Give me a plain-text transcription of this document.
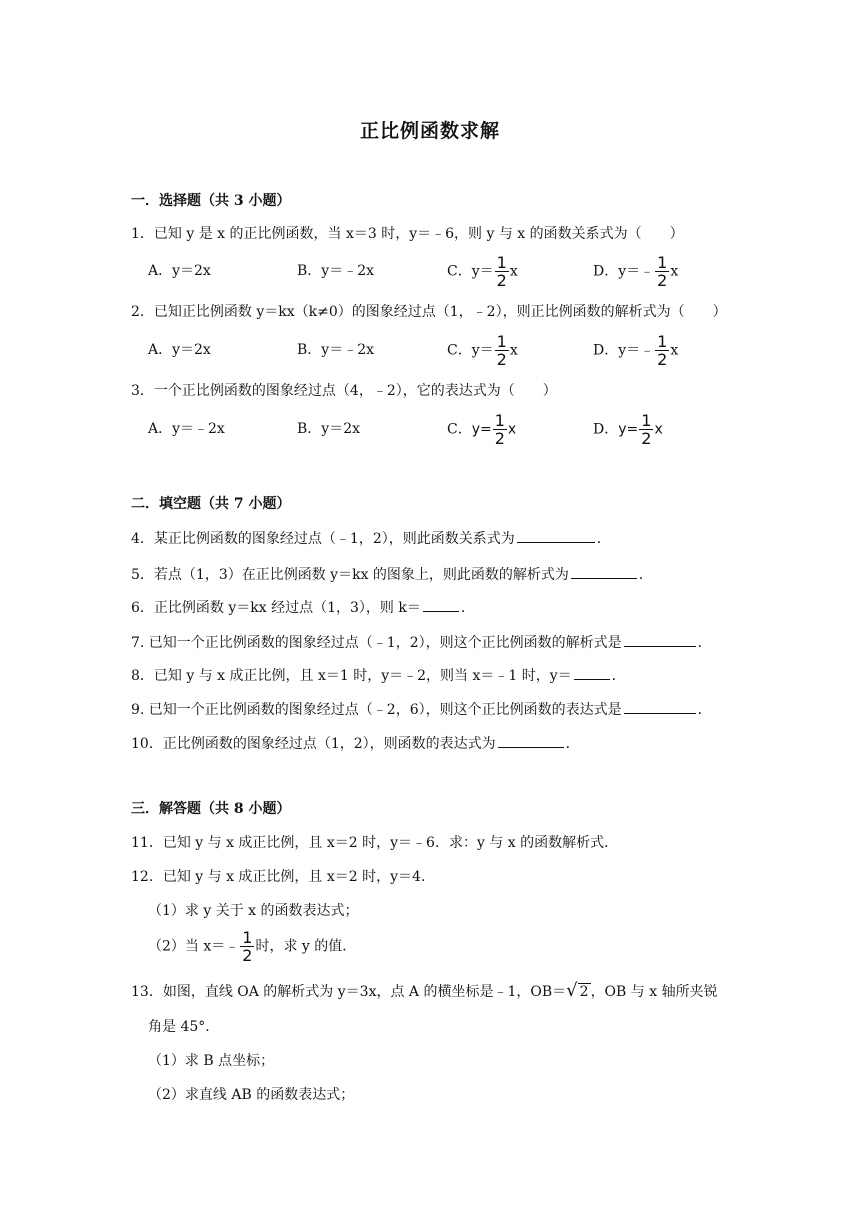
正比例函数求解
一．选择题（共 3 小题）
1．已知 y 是 x 的正比例函数，当 x＝3 时，y＝﹣6，则 y 与 x 的函数关系式为（　　）
A．y＝2x	B．y＝﹣2x	C．$y= \frac{1}{2}$ x	D．y＝﹣ $\frac{1}{2}$ x
2．已知正比例函数 y＝kx（k≠0）的图象经过点（1，﹣2），则正比例函数的解析式为（　　）
A．y＝2x	B．y＝﹣2x	C．$y= \frac{1}{2}$ x	D．y＝﹣ $\frac{1}{2}$ x
3．一个正比例函数的图象经过点（4，﹣2），它的表达式为（　　）
A．y＝﹣2x	B．y＝2x	C．$y= \frac{1}{2}$ x	D．$y= \frac{1}{2}$ x
二．填空题（共 7 小题）
4．某正比例函数的图象经过点（﹣1，2），则此函数关系式为	．
5．若点（1，3）在正比例函数 y＝kx 的图象上，则此函数的解析式为	．
6．正比例函数 y＝kx 经过点（1，3），则 k＝	．
7. 已知一个正比例函数的图象经过点（﹣1，2），则这个正比例函数的解析式是	．
8．已知 y 与 x 成正比例，且 x＝1 时，y＝﹣2，则当 x＝﹣1 时，y＝	．
9. 已知一个正比例函数的图象经过点（﹣2，6），则这个正比例函数的表达式是	．
10．正比例函数的图象经过点（1，2），则函数的表达式为	．
三．解答题（共 8 小题）
11．已知 y 与 x 成正比例，且 x＝2 时，y＝﹣6．求：y 与 x 的函数解析式．
12．已知 y 与 x 成正比例，且 x＝2 时，y＝4．
（1）求 y 关于 x 的函数表达式；
（2）当 x＝﹣ $\frac{1}{2}$ 时，求 y 的值．
13．如图，直线 OA 的解析式为 y＝3x，点 A 的横坐标是﹣1，OB＝ √ 2 ，OB 与 x 轴所夹锐
角是 45°．
（1）求 B 点坐标；
（2）求直线 AB 的函数表达式；
